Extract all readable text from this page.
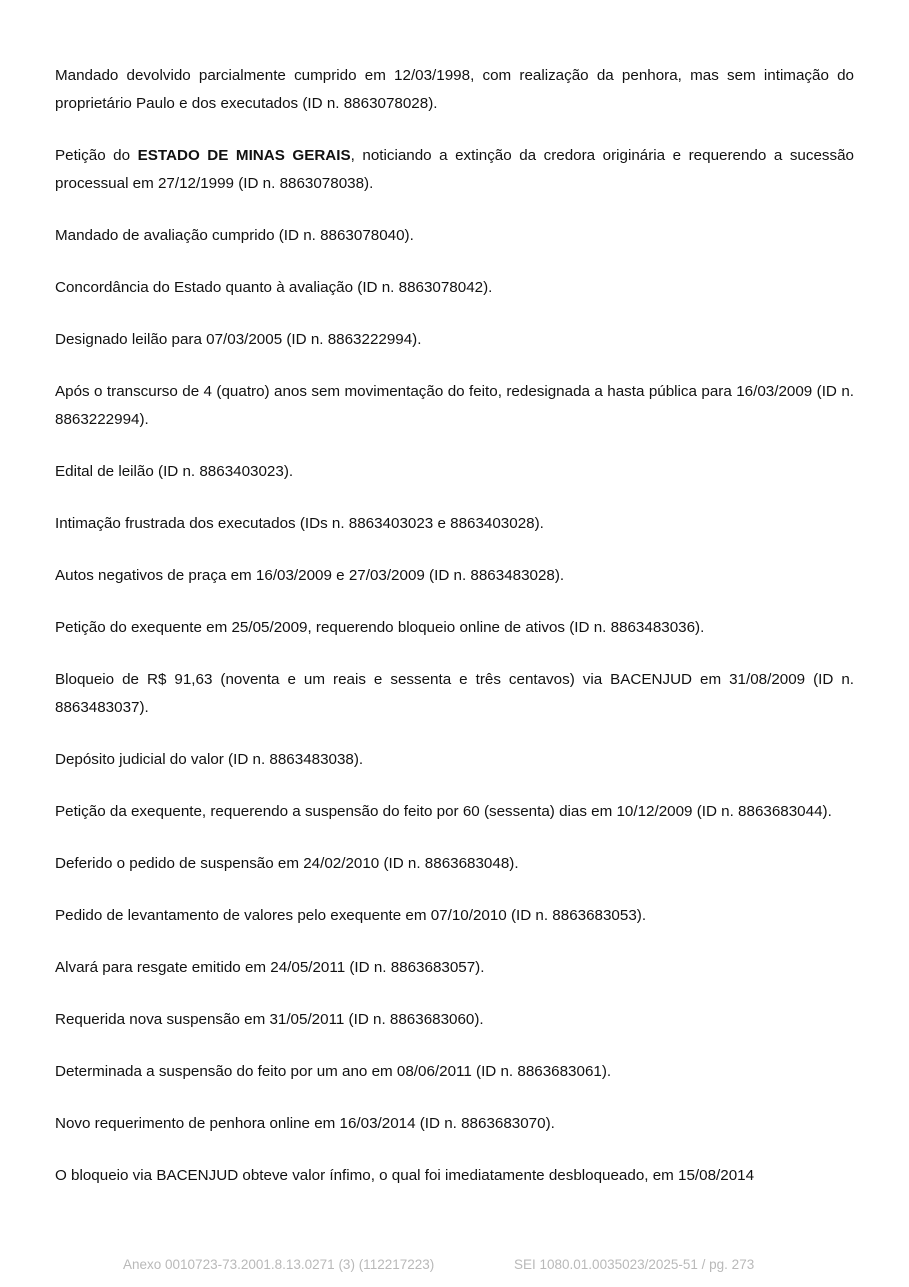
Mandado devolvido parcialmente cumprido em 12/03/1998, com realização da penhora, mas sem intimação do proprietário Paulo e dos executados (ID n. 8863078028).

Petição do ESTADO DE MINAS GERAIS, noticiando a extinção da credora originária e requerendo a sucessão processual em 27/12/1999 (ID n. 8863078038).

Mandado de avaliação cumprido (ID n. 8863078040).

Concordância do Estado quanto à avaliação (ID n. 8863078042).

Designado leilão para 07/03/2005 (ID n. 8863222994).

Após o transcurso de 4 (quatro) anos sem movimentação do feito, redesignada a hasta pública para 16/03/2009 (ID n. 8863222994).

Edital de leilão (ID n. 8863403023).

Intimação frustrada dos executados (IDs n. 8863403023 e 8863403028).

Autos negativos de praça em 16/03/2009 e 27/03/2009 (ID n. 8863483028).

Petição do exequente em 25/05/2009, requerendo bloqueio online de ativos (ID n. 8863483036).

Bloqueio de R$ 91,63 (noventa e um reais e sessenta e três centavos) via BACENJUD em 31/08/2009 (ID n. 8863483037).

Depósito judicial do valor (ID n. 8863483038).

Petição da exequente, requerendo a suspensão do feito por 60 (sessenta) dias em 10/12/2009 (ID n. 8863683044).

Deferido o pedido de suspensão em 24/02/2010 (ID n. 8863683048).

Pedido de levantamento de valores pelo exequente em 07/10/2010 (ID n. 8863683053).

Alvará para resgate emitido em 24/05/2011 (ID n. 8863683057).

Requerida nova suspensão em 31/05/2011 (ID n. 8863683060).

Determinada a suspensão do feito por um ano em 08/06/2011 (ID n. 8863683061).

Novo requerimento de penhora online em 16/03/2014 (ID n. 8863683070).

O bloqueio via BACENJUD obteve valor ínfimo, o qual foi imediatamente desbloqueado, em 15/08/2014

Anexo 0010723-73.2001.8.13.0271 (3) (112217223)	SEI 1080.01.0035023/2025-51 / pg. 273
